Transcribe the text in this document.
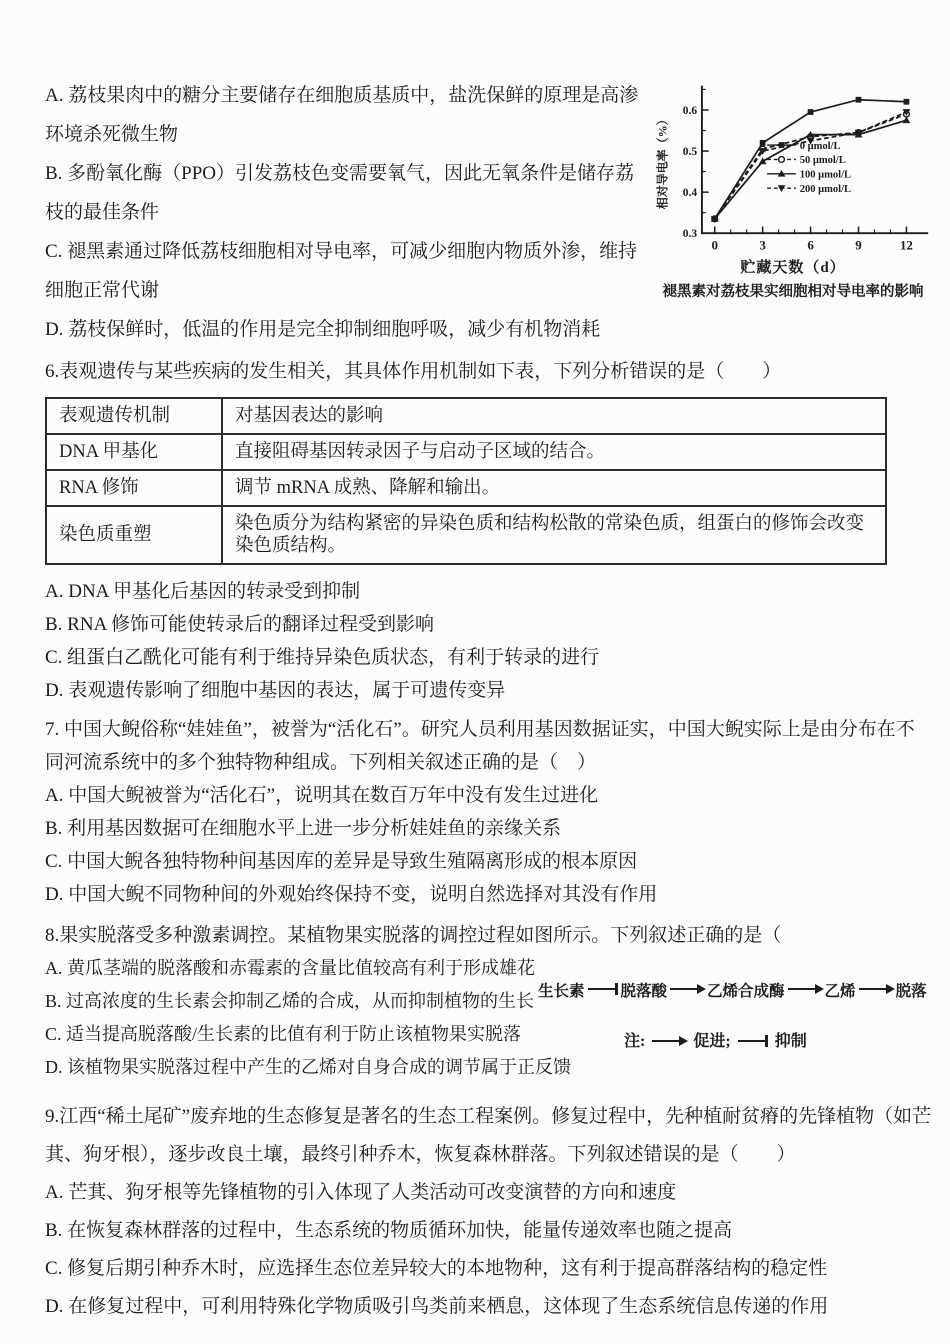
0.3
0.4
0.5
0.6
0	3	6	9	12
0 μmol/L
50 μmol/L
100 μmol/L
200 μmol/L
相对导电率（%）
贮藏天数（d）
褪黑素对荔枝果实细胞相对导电率的影响

A. 荔枝果肉中的糖分主要储存在细胞质基质中，盐洗保鲜的原理是高渗环境杀死微生物

B. 多酚氧化酶（PPO）引发荔枝色变需要氧气，因此无氧条件是储存荔枝的最佳条件

C. 褪黑素通过降低荔枝细胞相对导电率，可减少细胞内物质外渗，维持细胞正常代谢

D. 荔枝保鲜时，低温的作用是完全抑制细胞呼吸，减少有机物消耗

6.表观遗传与某些疾病的发生相关，其具体作用机制如下表，下列分析错误的是（　　）

表观遗传机制	对基因表达的影响
DNA 甲基化	直接阻碍基因转录因子与启动子区域的结合。
RNA 修饰	调节 mRNA 成熟、降解和输出。
染色质重塑	染色质分为结构紧密的异染色质和结构松散的常染色质，组蛋白的修饰会改变染色质结构。

A. DNA 甲基化后基因的转录受到抑制

B. RNA 修饰可能使转录后的翻译过程受到影响

C. 组蛋白乙酰化可能有利于维持异染色质状态，有利于转录的进行

D. 表观遗传影响了细胞中基因的表达，属于可遗传变异

7. 中国大鲵俗称“娃娃鱼”，被誉为“活化石”。研究人员利用基因数据证实，中国大鲵实际上是由分布在不同河流系统中的多个独特物种组成。下列相关叙述正确的是（　）

A. 中国大鲵被誉为“活化石”，说明其在数百万年中没有发生过进化

B. 利用基因数据可在细胞水平上进一步分析娃娃鱼的亲缘关系

C. 中国大鲵各独特物种间基因库的差异是导致生殖隔离形成的根本原因

D. 中国大鲵不同物种间的外观始终保持不变，说明自然选择对其没有作用

生长素 脱落酸	乙烯合成酶	乙烯	脱落
注:	促进;	抑制

8.果实脱落受多种激素调控。某植物果实脱落的调控过程如图所示。下列叙述正确的是（

A. 黄瓜茎端的脱落酸和赤霉素的含量比值较高有利于形成雄花

B. 过高浓度的生长素会抑制乙烯的合成，从而抑制植物的生长

C. 适当提高脱落酸/生长素的比值有利于防止该植物果实脱落

D. 该植物果实脱落过程中产生的乙烯对自身合成的调节属于正反馈

9.江西“稀土尾矿”废弃地的生态修复是著名的生态工程案例。修复过程中，先种植耐贫瘠的先锋植物（如芒萁、狗牙根），逐步改良土壤，最终引种乔木，恢复森林群落。下列叙述错误的是（　　）

A. 芒萁、狗牙根等先锋植物的引入体现了人类活动可改变演替的方向和速度

B. 在恢复森林群落的过程中，生态系统的物质循环加快，能量传递效率也随之提高

C. 修复后期引种乔木时，应选择生态位差异较大的本地物种，这有利于提高群落结构的稳定性

D. 在修复过程中，可利用特殊化学物质吸引鸟类前来栖息，这体现了生态系统信息传递的作用
